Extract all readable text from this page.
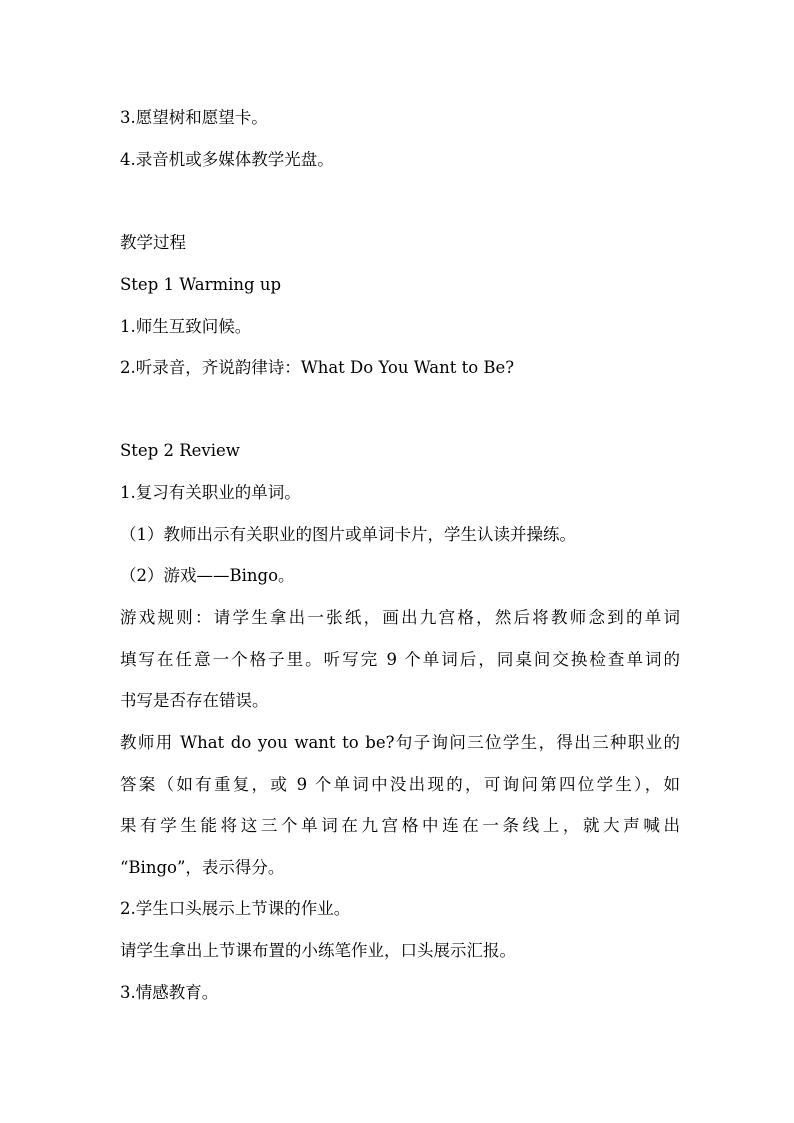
3.愿望树和愿望卡。
4.录音机或多媒体教学光盘。
教学过程
Step 1 Warming up
1.师生互致问候。
2.听录音，齐说韵律诗：What Do You Want to Be?
Step 2 Review
1.复习有关职业的单词。
（1）教师出示有关职业的图片或单词卡片，学生认读并操练。
（2）游戏——Bingo。
游戏规则：请学生拿出一张纸，画出九宫格，然后将教师念到的单词
填写在任意一个格子里。听写完 9 个单词后，同桌间交换检查单词的
书写是否存在错误。
教师用 What do you want to be?句子询问三位学生，得出三种职业的
答案（如有重复，或 9 个单词中没出现的，可询问第四位学生），如
果有学生能将这三个单词在九宫格中连在一条线上，就大声喊出
“Bingo”，表示得分。
2.学生口头展示上节课的作业。
请学生拿出上节课布置的小练笔作业，口头展示汇报。
3.情感教育。
